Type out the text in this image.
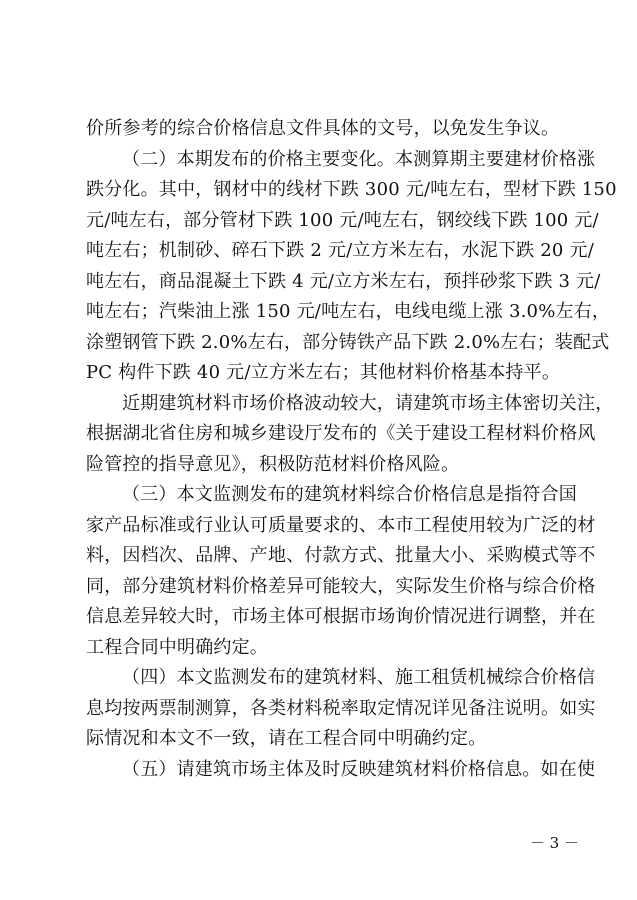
价所参考的综合价格信息文件具体的文号，以免发生争议。
（二）本期发布的价格主要变化。本测算期主要建材价格涨
跌分化。其中，钢材中的线材下跌 300 元/吨左右，型材下跌 150
元/吨左右，部分管材下跌 100 元/吨左右，钢绞线下跌 100 元/
吨左右；机制砂、碎石下跌 2 元/立方米左右，水泥下跌 20 元/
吨左右，商品混凝土下跌 4 元/立方米左右，预拌砂浆下跌 3 元/
吨左右；汽柴油上涨 150 元/吨左右，电线电缆上涨 3.0%左右，
涂塑钢管下跌 2.0%左右，部分铸铁产品下跌 2.0%左右；装配式
PC 构件下跌 40 元/立方米左右；其他材料价格基本持平。
近期建筑材料市场价格波动较大，请建筑市场主体密切关注，
根据湖北省住房和城乡建设厅发布的《关于建设工程材料价格风
险管控的指导意见》，积极防范材料价格风险。
（三）本文监测发布的建筑材料综合价格信息是指符合国
家产品标准或行业认可质量要求的、本市工程使用较为广泛的材
料，因档次、品牌、产地、付款方式、批量大小、采购模式等不
同，部分建筑材料价格差异可能较大，实际发生价格与综合价格
信息差异较大时，市场主体可根据市场询价情况进行调整，并在
工程合同中明确约定。
（四）本文监测发布的建筑材料、施工租赁机械综合价格信
息均按两票制测算，各类材料税率取定情况详见备注说明。如实
际情况和本文不一致，请在工程合同中明确约定。
（五）请建筑市场主体及时反映建筑材料价格信息。如在使
－ 3 －
